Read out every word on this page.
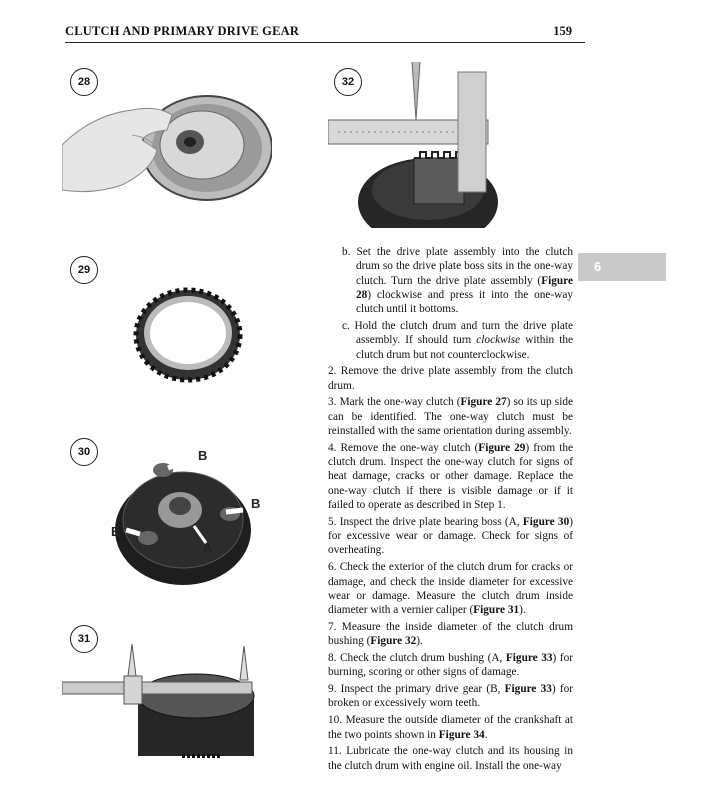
CLUTCH AND PRIMARY DRIVE GEAR	159
28
29
30	B
B
B
A
31
32
6

b. Set the drive plate assembly into the clutch drum so the drive plate boss sits in the one-way clutch. Turn the drive plate assembly (Figure 28) clockwise and press it into the one-way clutch until it bottoms.

c. Hold the clutch drum and turn the drive plate assembly. If should turn clockwise within the clutch drum but not counterclockwise.

2. Remove the drive plate assembly from the clutch drum.

3. Mark the one-way clutch (Figure 27) so its up side can be identified. The one-way clutch must be reinstalled with the same orientation during assembly.

4. Remove the one-way clutch (Figure 29) from the clutch drum. Inspect the one-way clutch for signs of heat damage, cracks or other damage. Replace the one-way clutch if there is visible damage or if it failed to operate as described in Step 1.

5. Inspect the drive plate bearing boss (A, Figure 30) for excessive wear or damage. Check for signs of overheating.

6. Check the exterior of the clutch drum for cracks or damage, and check the inside diameter for excessive wear or damage. Measure the clutch drum inside diameter with a vernier caliper (Figure 31).

7. Measure the inside diameter of the clutch drum bushing (Figure 32).

8. Check the clutch drum bushing (A, Figure 33) for burning, scoring or other signs of damage.

9. Inspect the primary drive gear (B, Figure 33) for broken or excessively worn teeth.

10. Measure the outside diameter of the crankshaft at the two points shown in Figure 34.

11. Lubricate the one-way clutch and its housing in the clutch drum with engine oil. Install the one-way
